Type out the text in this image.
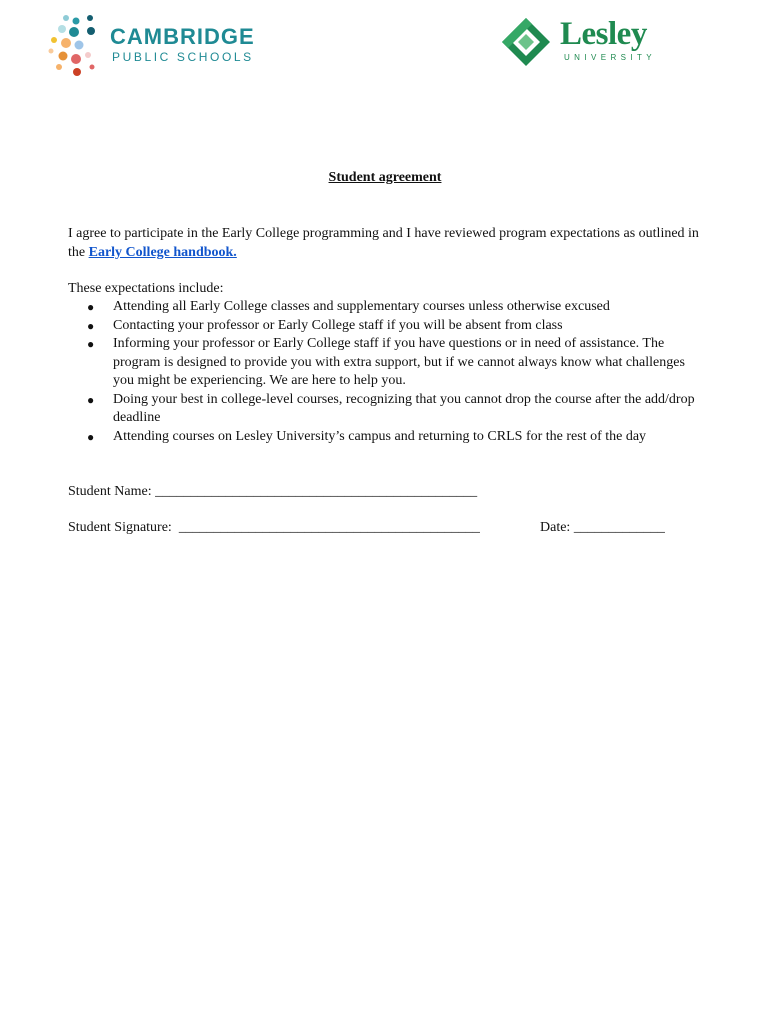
CAMBRIDGE
PUBLIC SCHOOLS
Lesley
UNIVERSITY
Student agreement
I agree to participate in the Early College programming and I have reviewed program expectations as outlined in the Early College handbook.
These expectations include:
● Attending all Early College classes and supplementary courses unless otherwise excused
● Contacting your professor or Early College staff if you will be absent from class
● Informing your professor or Early College staff if you have questions or in need of assistance. The program is designed to provide you with extra support, but if we cannot always know what challenges you might be experiencing. We are here to help you.
● Doing your best in college-level courses, recognizing that you cannot drop the course after the add/drop deadline
● Attending courses on Lesley University’s campus and returning to CRLS for the rest of the day
Student Name: ______________________________________________
Student Signature: ___________________________________________	Date: _____________
